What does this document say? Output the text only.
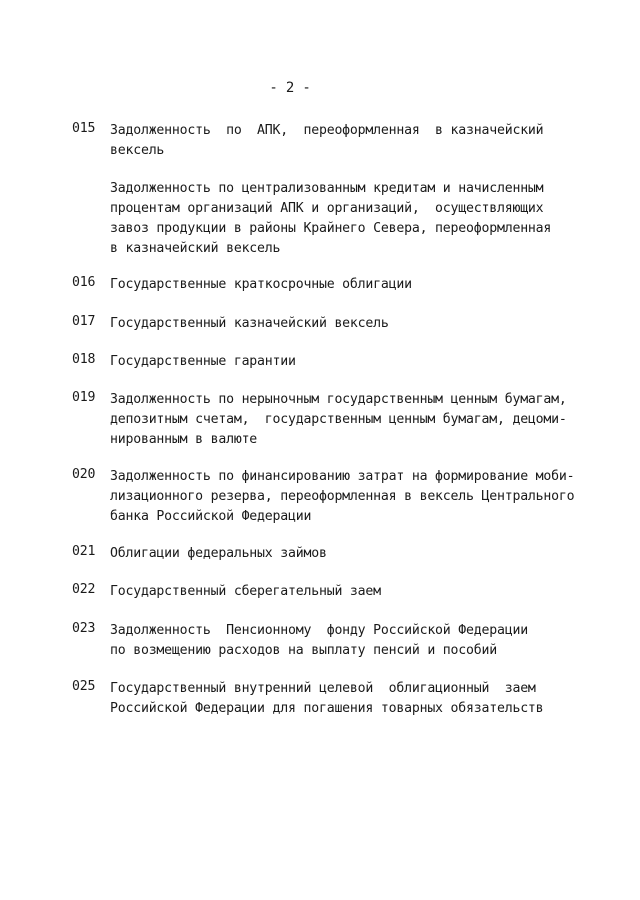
- 2 -
015	Задолженность  по  АПК,  переоформленная  в казначейский
вексель
Задолженность по централизованным кредитам и начисленным
процентам организаций АПК и организаций,  осуществляющих
завоз продукции в районы Крайнего Севера, переоформленная
в казначейский вексель
016	Государственные краткосрочные облигации
017	Государственный казначейский вексель
018	Государственные гарантии
019	Задолженность по нерыночным государственным ценным бумагам,
депозитным счетам,  государственным ценным бумагам, децоми-
нированным в валюте
020	Задолженность по финансированию затрат на формирование моби-
лизационного резерва, переоформленная в вексель Центрального
банка Российской Федерации
021	Облигации федеральных займов
022	Государственный сберегательный заем
023	Задолженность  Пенсионному  фонду Российской Федерации
по возмещению расходов на выплату пенсий и пособий
025	Государственный внутренний целевой  облигационный  заем
Российской Федерации для погашения товарных обязательств
